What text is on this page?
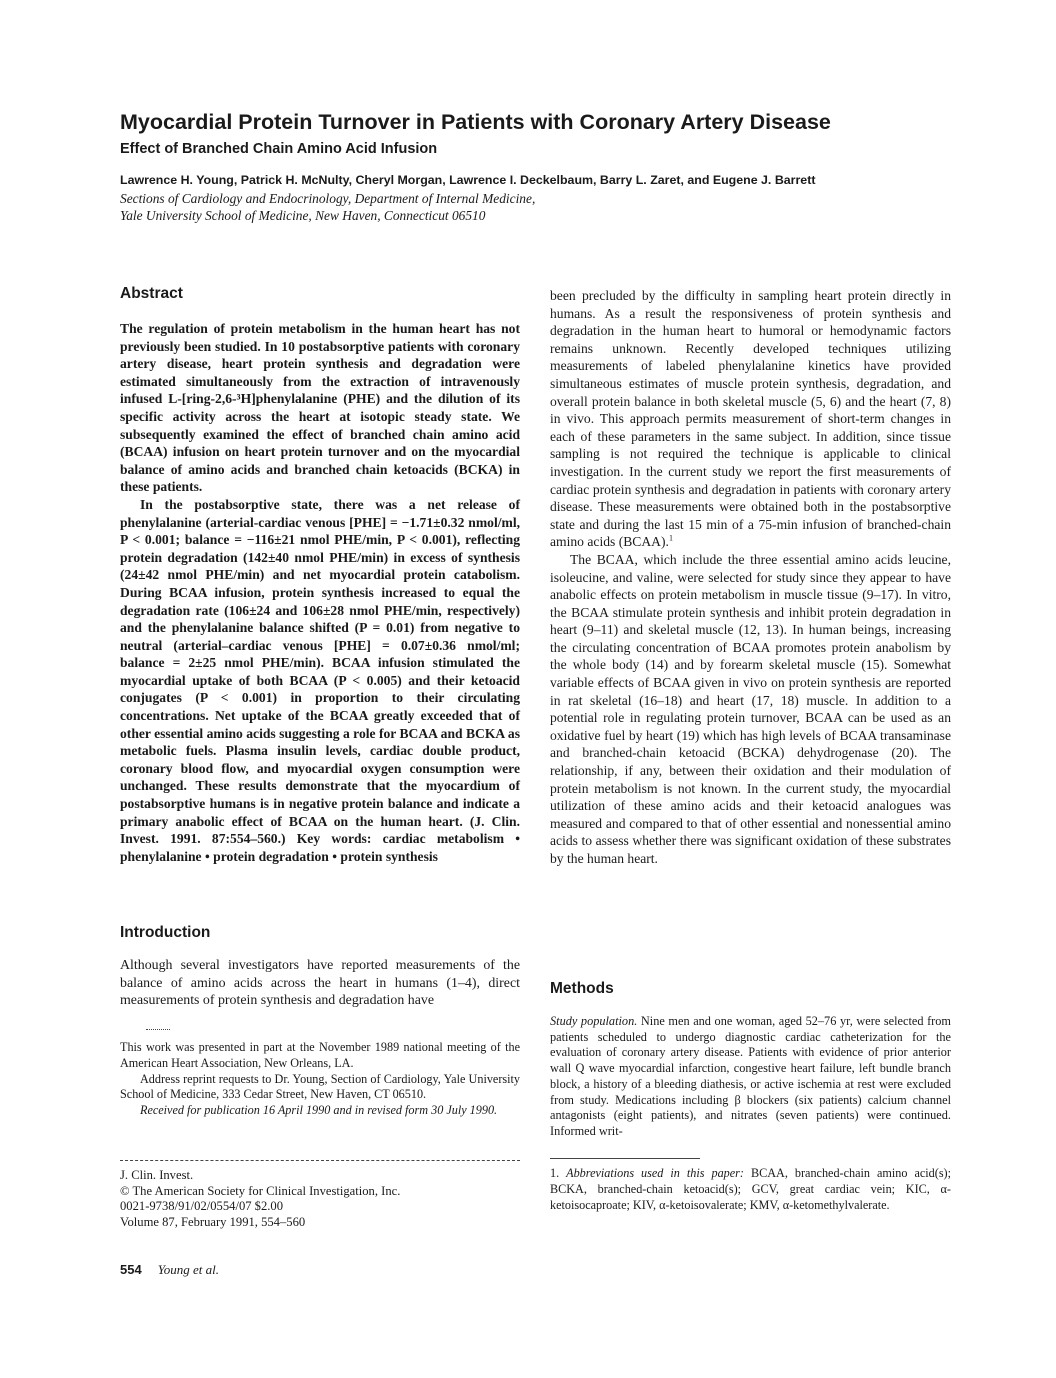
Myocardial Protein Turnover in Patients with Coronary Artery Disease
Effect of Branched Chain Amino Acid Infusion
Lawrence H. Young, Patrick H. McNulty, Cheryl Morgan, Lawrence I. Deckelbaum, Barry L. Zaret, and Eugene J. Barrett
Sections of Cardiology and Endocrinology, Department of Internal Medicine,
Yale University School of Medicine, New Haven, Connecticut 06510
Abstract

The regulation of protein metabolism in the human heart has not previously been studied. In 10 postabsorptive patients with coronary artery disease, heart protein synthesis and degradation were estimated simultaneously from the extraction of intravenously infused L-[ring-2,6-³H]phenylalanine (PHE) and the dilution of its specific activity across the heart at isotopic steady state. We subsequently examined the effect of branched chain amino acid (BCAA) infusion on heart protein turnover and on the myocardial balance of amino acids and branched chain ketoacids (BCKA) in these patients.

In the postabsorptive state, there was a net release of phenylalanine (arterial-cardiac venous [PHE] = −1.71±0.32 nmol/ml, P < 0.001; balance = −116±21 nmol PHE/min, P < 0.001), reflecting protein degradation (142±40 nmol PHE/min) in excess of synthesis (24±42 nmol PHE/min) and net myocardial protein catabolism. During BCAA infusion, protein synthesis increased to equal the degradation rate (106±24 and 106±28 nmol PHE/min, respectively) and the phenylalanine balance shifted (P = 0.01) from negative to neutral (arterial–cardiac venous [PHE] = 0.07±0.36 nmol/ml; balance = 2±25 nmol PHE/min). BCAA infusion stimulated the myocardial uptake of both BCAA (P < 0.005) and their ketoacid conjugates (P < 0.001) in proportion to their circulating concentrations. Net uptake of the BCAA greatly exceeded that of other essential amino acids suggesting a role for BCAA and BCKA as metabolic fuels. Plasma insulin levels, cardiac double product, coronary blood flow, and myocardial oxygen consumption were unchanged. These results demonstrate that the myocardium of postabsorptive humans is in negative protein balance and indicate a primary anabolic effect of BCAA on the human heart. (J. Clin. Invest. 1991. 87:554–560.) Key words: cardiac metabolism • phenylalanine • protein degradation • protein synthesis

Introduction

Although several investigators have reported measurements of the balance of amino acids across the heart in humans (1–4), direct measurements of protein synthesis and degradation have

This work was presented in part at the November 1989 national meeting of the American Heart Association, New Orleans, LA.

Address reprint requests to Dr. Young, Section of Cardiology, Yale University School of Medicine, 333 Cedar Street, New Haven, CT 06510.

Received for publication 16 April 1990 and in revised form 30 July 1990.

J. Clin. Invest.
© The American Society for Clinical Investigation, Inc.
0021-9738/91/02/0554/07 $2.00
Volume 87, February 1991, 554–560

been precluded by the difficulty in sampling heart protein directly in humans. As a result the responsiveness of protein synthesis and degradation in the human heart to humoral or hemodynamic factors remains unknown. Recently developed techniques utilizing measurements of labeled phenylalanine kinetics have provided simultaneous estimates of muscle protein synthesis, degradation, and overall protein balance in both skeletal muscle (5, 6) and the heart (7, 8) in vivo. This approach permits measurement of short-term changes in each of these parameters in the same subject. In addition, since tissue sampling is not required the technique is applicable to clinical investigation. In the current study we report the first measurements of cardiac protein synthesis and degradation in patients with coronary artery disease. These measurements were obtained both in the postabsorptive state and during the last 15 min of a 75-min infusion of branched-chain amino acids (BCAA).$^1$

The BCAA, which include the three essential amino acids leucine, isoleucine, and valine, were selected for study since they appear to have anabolic effects on protein metabolism in muscle tissue (9–17). In vitro, the BCAA stimulate protein synthesis and inhibit protein degradation in heart (9–11) and skeletal muscle (12, 13). In human beings, increasing the circulating concentration of BCAA promotes protein anabolism by the whole body (14) and by forearm skeletal muscle (15). Somewhat variable effects of BCAA given in vivo on protein synthesis are reported in rat skeletal (16–18) and heart (17, 18) muscle. In addition to a potential role in regulating protein turnover, BCAA can be used as an oxidative fuel by heart (19) which has high levels of BCAA transaminase and branched-chain ketoacid (BCKA) dehydrogenase (20). The relationship, if any, between their oxidation and their modulation of protein metabolism is not known. In the current study, the myocardial utilization of these amino acids and their ketoacid analogues was measured and compared to that of other essential and nonessential amino acids to assess whether there was significant oxidation of these substrates by the human heart.

Methods

Study population. Nine men and one woman, aged 52–76 yr, were selected from patients scheduled to undergo diagnostic cardiac catheterization for the evaluation of coronary artery disease. Patients with evidence of prior anterior wall Q wave myocardial infarction, congestive heart failure, left bundle branch block, a history of a bleeding diathesis, or active ischemia at rest were excluded from study. Medications including β blockers (six patients) calcium channel antagonists (eight patients), and nitrates (seven patients) were continued. Informed writ-

1. Abbreviations used in this paper: BCAA, branched-chain amino acid(s); BCKA, branched-chain ketoacid(s); GCV, great cardiac vein; KIC, α-ketoisocaproate; KIV, α-ketoisovalerate; KMV, α-ketomethylvalerate.

554 Young et al.
